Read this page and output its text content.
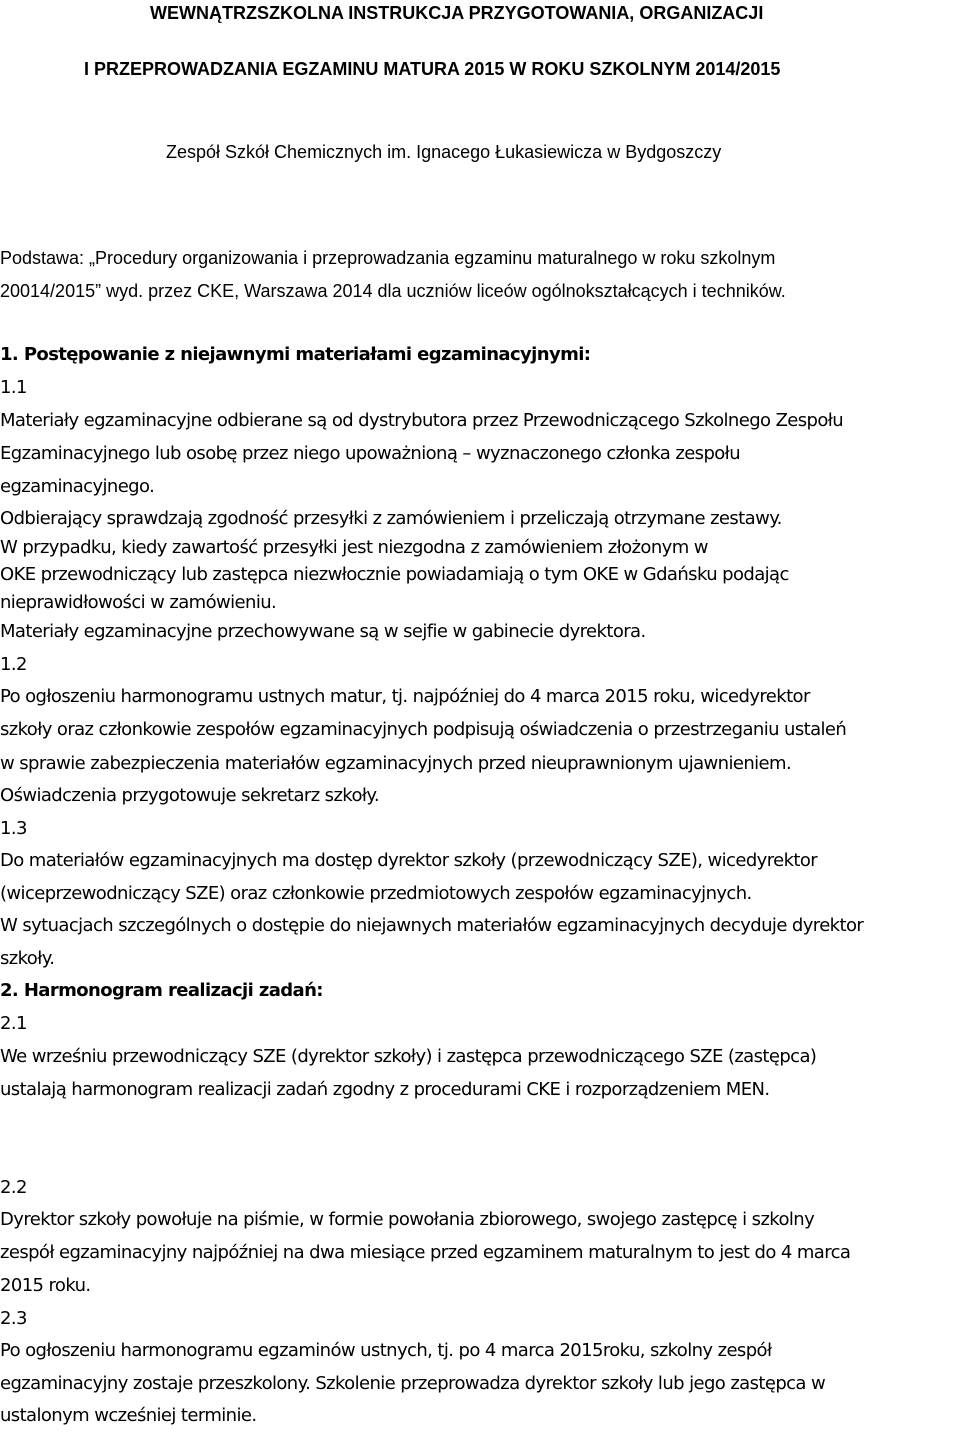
WEWNĄTRZSZKOLNA INSTRUKCJA PRZYGOTOWANIA, ORGANIZACJI
I PRZEPROWADZANIA EGZAMINU MATURA 2015 W ROKU SZKOLNYM 2014/2015
Zespół Szkół Chemicznych im. Ignacego Łukasiewicza w Bydgoszczy
Podstawa: „Procedury organizowania i przeprowadzania egzaminu maturalnego w roku szkolnym
20014/2015” wyd. przez CKE, Warszawa 2014 dla uczniów liceów ogólnokształcących i techników.
1. Postępowanie z niejawnymi materiałami egzaminacyjnymi:
1.1
Materiały egzaminacyjne odbierane są od dystrybutora przez Przewodniczącego Szkolnego Zespołu
Egzaminacyjnego lub osobę przez niego upoważnioną – wyznaczonego członka zespołu
egzaminacyjnego.
Odbierający sprawdzają zgodność przesyłki z zamówieniem i przeliczają otrzymane zestawy.
W przypadku, kiedy zawartość przesyłki jest niezgodna z zamówieniem złożonym w
OKE przewodniczący lub zastępca niezwłocznie powiadamiają o tym OKE w Gdańsku podając
nieprawidłowości w zamówieniu.
Materiały egzaminacyjne przechowywane są w sejfie w gabinecie dyrektora.
1.2
Po ogłoszeniu harmonogramu ustnych matur, tj. najpóźniej do 4 marca 2015 roku, wicedyrektor
szkoły oraz członkowie zespołów egzaminacyjnych podpisują oświadczenia o przestrzeganiu ustaleń
w sprawie zabezpieczenia materiałów egzaminacyjnych przed nieuprawnionym ujawnieniem.
Oświadczenia przygotowuje sekretarz szkoły.
1.3
Do materiałów egzaminacyjnych ma dostęp dyrektor szkoły (przewodniczący SZE), wicedyrektor
(wiceprzewodniczący SZE) oraz członkowie przedmiotowych zespołów egzaminacyjnych.
W sytuacjach szczególnych o dostępie do niejawnych materiałów egzaminacyjnych decyduje dyrektor
szkoły.
2. Harmonogram realizacji zadań:
2.1
We wrześniu przewodniczący SZE (dyrektor szkoły) i zastępca przewodniczącego SZE (zastępca)
ustalają harmonogram realizacji zadań zgodny z procedurami CKE i rozporządzeniem MEN.
2.2
Dyrektor szkoły powołuje na piśmie, w formie powołania zbiorowego, swojego zastępcę i szkolny
zespół egzaminacyjny najpóźniej na dwa miesiące przed egzaminem maturalnym to jest do 4 marca
2015 roku.
2.3
Po ogłoszeniu harmonogramu egzaminów ustnych, tj. po 4 marca 2015roku, szkolny zespół
egzaminacyjny zostaje przeszkolony. Szkolenie przeprowadza dyrektor szkoły lub jego zastępca w
ustalonym wcześniej terminie.
